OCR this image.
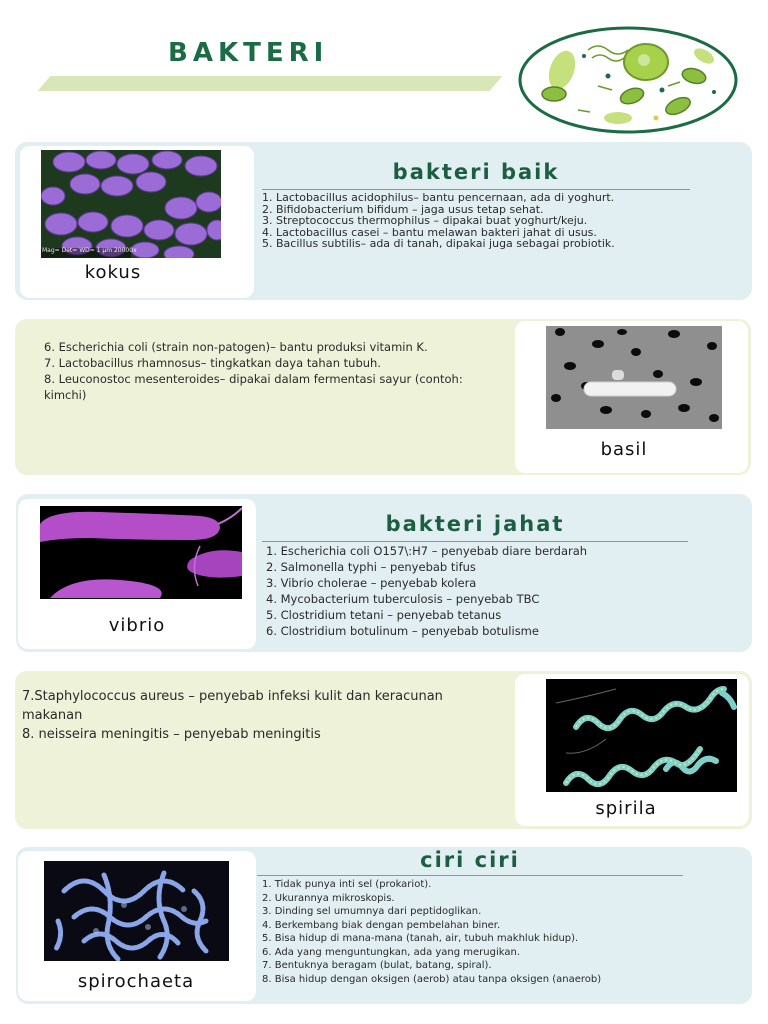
BAKTERI
Mag= Det= WD= 1 µm 20000x
kokus
bakteri baik
1. Lactobacillus acidophilus– bantu pencernaan, ada di yoghurt.
2. Bifidobacterium bifidum – jaga usus tetap sehat.
3. Streptococcus thermophilus – dipakai buat yoghurt/keju.
4. Lactobacillus casei – bantu melawan bakteri jahat di usus.
5. Bacillus subtilis– ada di tanah, dipakai juga sebagai probiotik.
6. Escherichia coli (strain non-patogen)– bantu produksi vitamin K.
7. Lactobacillus rhamnosus– tingkatkan daya tahan tubuh.
8. Leuconostoc mesenteroides– dipakai dalam fermentasi sayur (contoh: kimchi)
basil
vibrio
bakteri jahat
1. Escherichia coli O157\:H7 – penyebab diare berdarah
2. Salmonella typhi – penyebab tifus
3. Vibrio cholerae – penyebab kolera
4. Mycobacterium tuberculosis – penyebab TBC
5. Clostridium tetani – penyebab tetanus
6. Clostridium botulinum – penyebab botulisme
7.Staphylococcus aureus – penyebab infeksi kulit dan keracunan makanan
8. neisseira meningitis – penyebab meningitis
spirila
spirochaeta
ciri ciri
1. Tidak punya inti sel (prokariot).
2. Ukurannya mikroskopis.
3. Dinding sel umumnya dari peptidoglikan.
4. Berkembang biak dengan pembelahan biner.
5. Bisa hidup di mana-mana (tanah, air, tubuh makhluk hidup).
6. Ada yang menguntungkan, ada yang merugikan.
7. Bentuknya beragam (bulat, batang, spiral).
8. Bisa hidup dengan oksigen (aerob) atau tanpa oksigen (anaerob)
